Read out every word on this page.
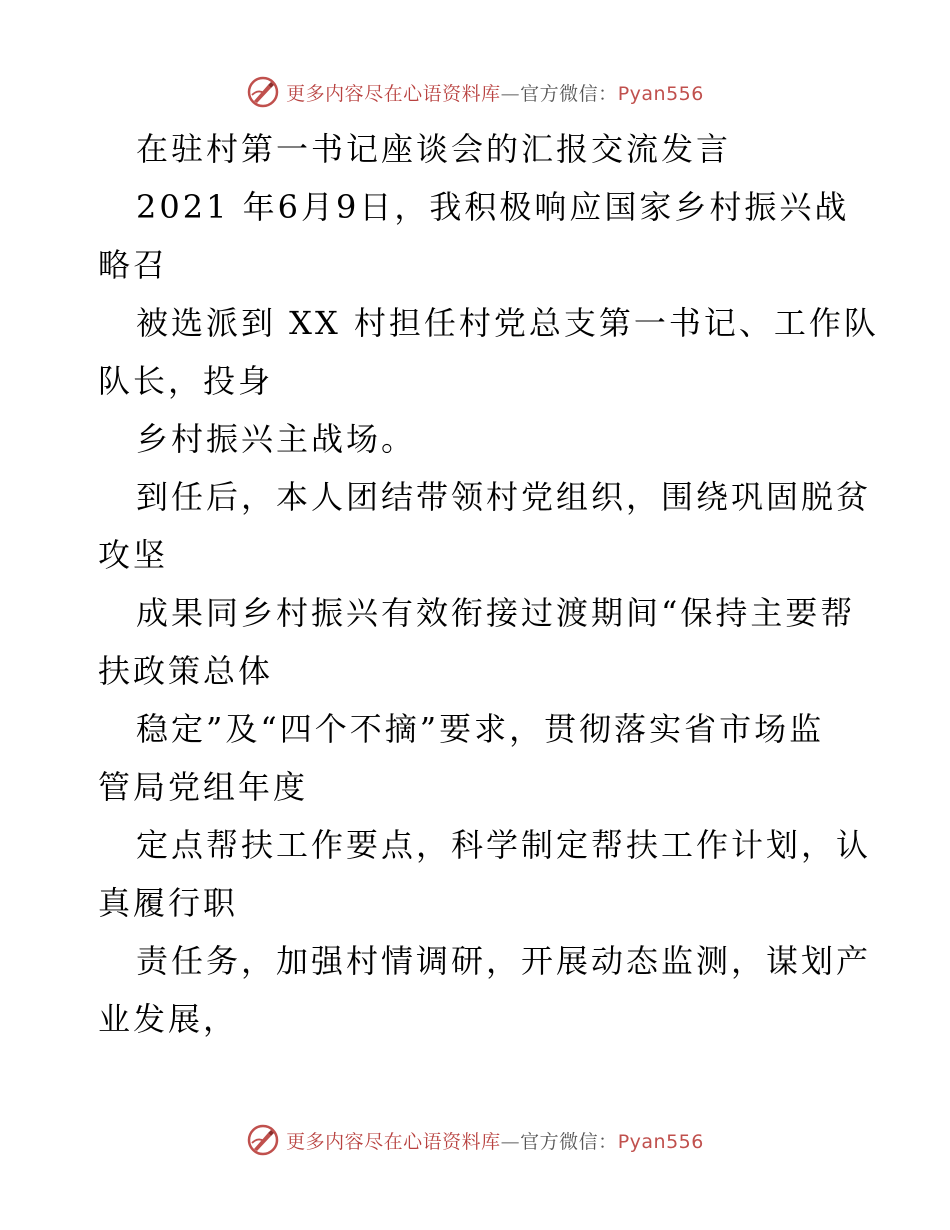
更多内容尽在心语资料库—官方微信：Pyan556

在驻村第一书记座谈会的汇报交流发言

2021 年6月9日，我积极响应国家乡村振兴战

略召

被选派到 XX 村担任村党总支第一书记、工作队

队长，投身

乡村振兴主战场。

到任后，本人团结带领村党组织，围绕巩固脱贫

攻坚

成果同乡村振兴有效衔接过渡期间“保持主要帮

扶政策总体

稳定”及“四个不摘”要求，贯彻落实省市场监

管局党组年度

定点帮扶工作要点，科学制定帮扶工作计划，认

真履行职

责任务，加强村情调研，开展动态监测，谋划产

业发展，

更多内容尽在心语资料库—官方微信：Pyan556
